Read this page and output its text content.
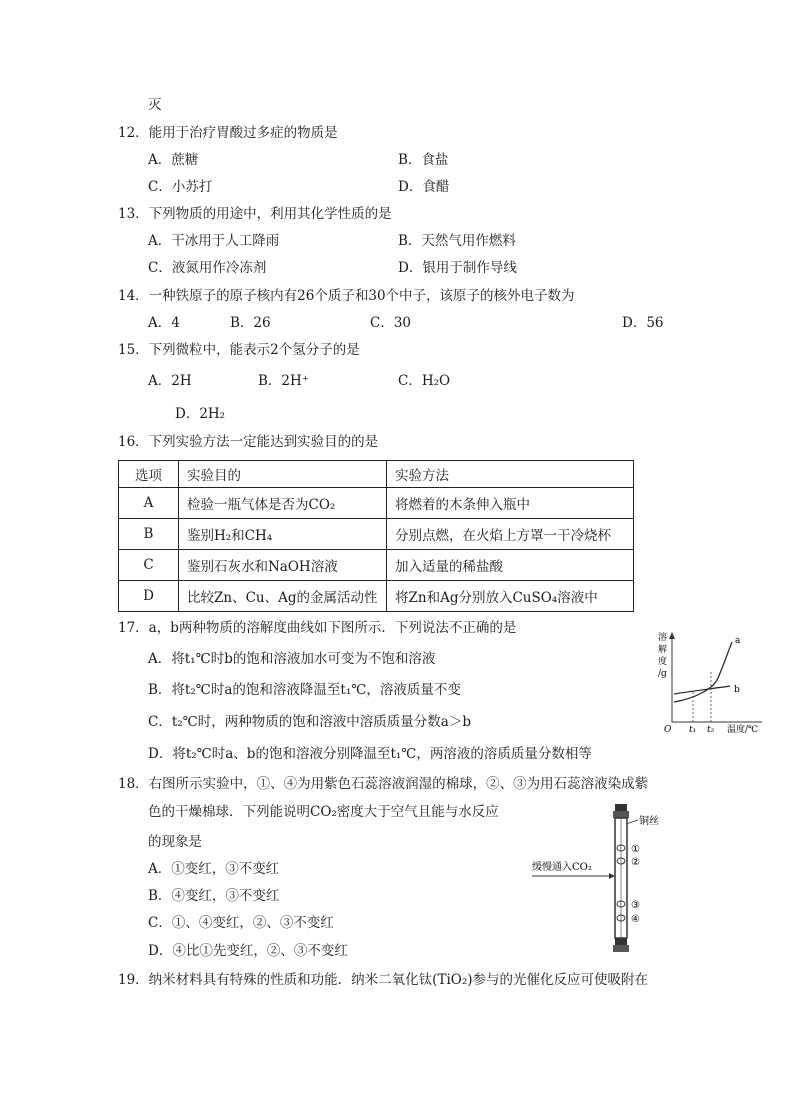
灭
12．能用于治疗胃酸过多症的物质是
A．蔗糖	B．食盐
C．小苏打	D．食醋
13．下列物质的用途中，利用其化学性质的是
A．干冰用于人工降雨	B．天然气用作燃料
C．液氮用作冷冻剂	D．银用于制作导线
14．一种铁原子的原子核内有26个质子和30个中子，该原子的核外电子数为
A．4	B．26	C．30	D．56
15．下列微粒中，能表示2个氢分子的是
A．2H	B．2H⁺	C．H₂O
D．2H₂
16．下列实验方法一定能达到实验目的的是
选项	实验目的	实验方法
A	检验一瓶气体是否为CO₂	将燃着的木条伸入瓶中
B	鉴别H₂和CH₄	分别点燃，在火焰上方罩一干冷烧杯
C	鉴别石灰水和NaOH溶液	加入适量的稀盐酸
D	比较Zn、Cu、Ag的金属活动性	将Zn和Ag分别放入CuSO₄溶液中
17．a，b两种物质的溶解度曲线如下图所示．下列说法不正确的是
A．将t₁℃时b的饱和溶液加水可变为不饱和溶液
B．将t₂℃时a的饱和溶液降温至t₁℃，溶液质量不变
C．t₂℃时，两种物质的饱和溶液中溶质质量分数a＞b
D．将t₂℃时a、b的饱和溶液分别降温至t₁℃，两溶液的溶质质量分数相等
溶解度/g
O
a
b
t₁ t₂ 温度/℃
18．右图所示实验中，①、④为用紫色石蕊溶液润湿的棉球，②、③为用石蕊溶液染成紫
色的干燥棉球．下列能说明CO₂密度大于空气且能与水反应
的现象是
A．①变红，③不变红
B．④变红，③不变红
C．①、④变红，②、③不变红
D．④比①先变红，②、③不变红
铜丝
①
②
③
④
缓慢通入CO₂
19．纳米材料具有特殊的性质和功能．纳米二氧化钛(TiO₂)参与的光催化反应可使吸附在
